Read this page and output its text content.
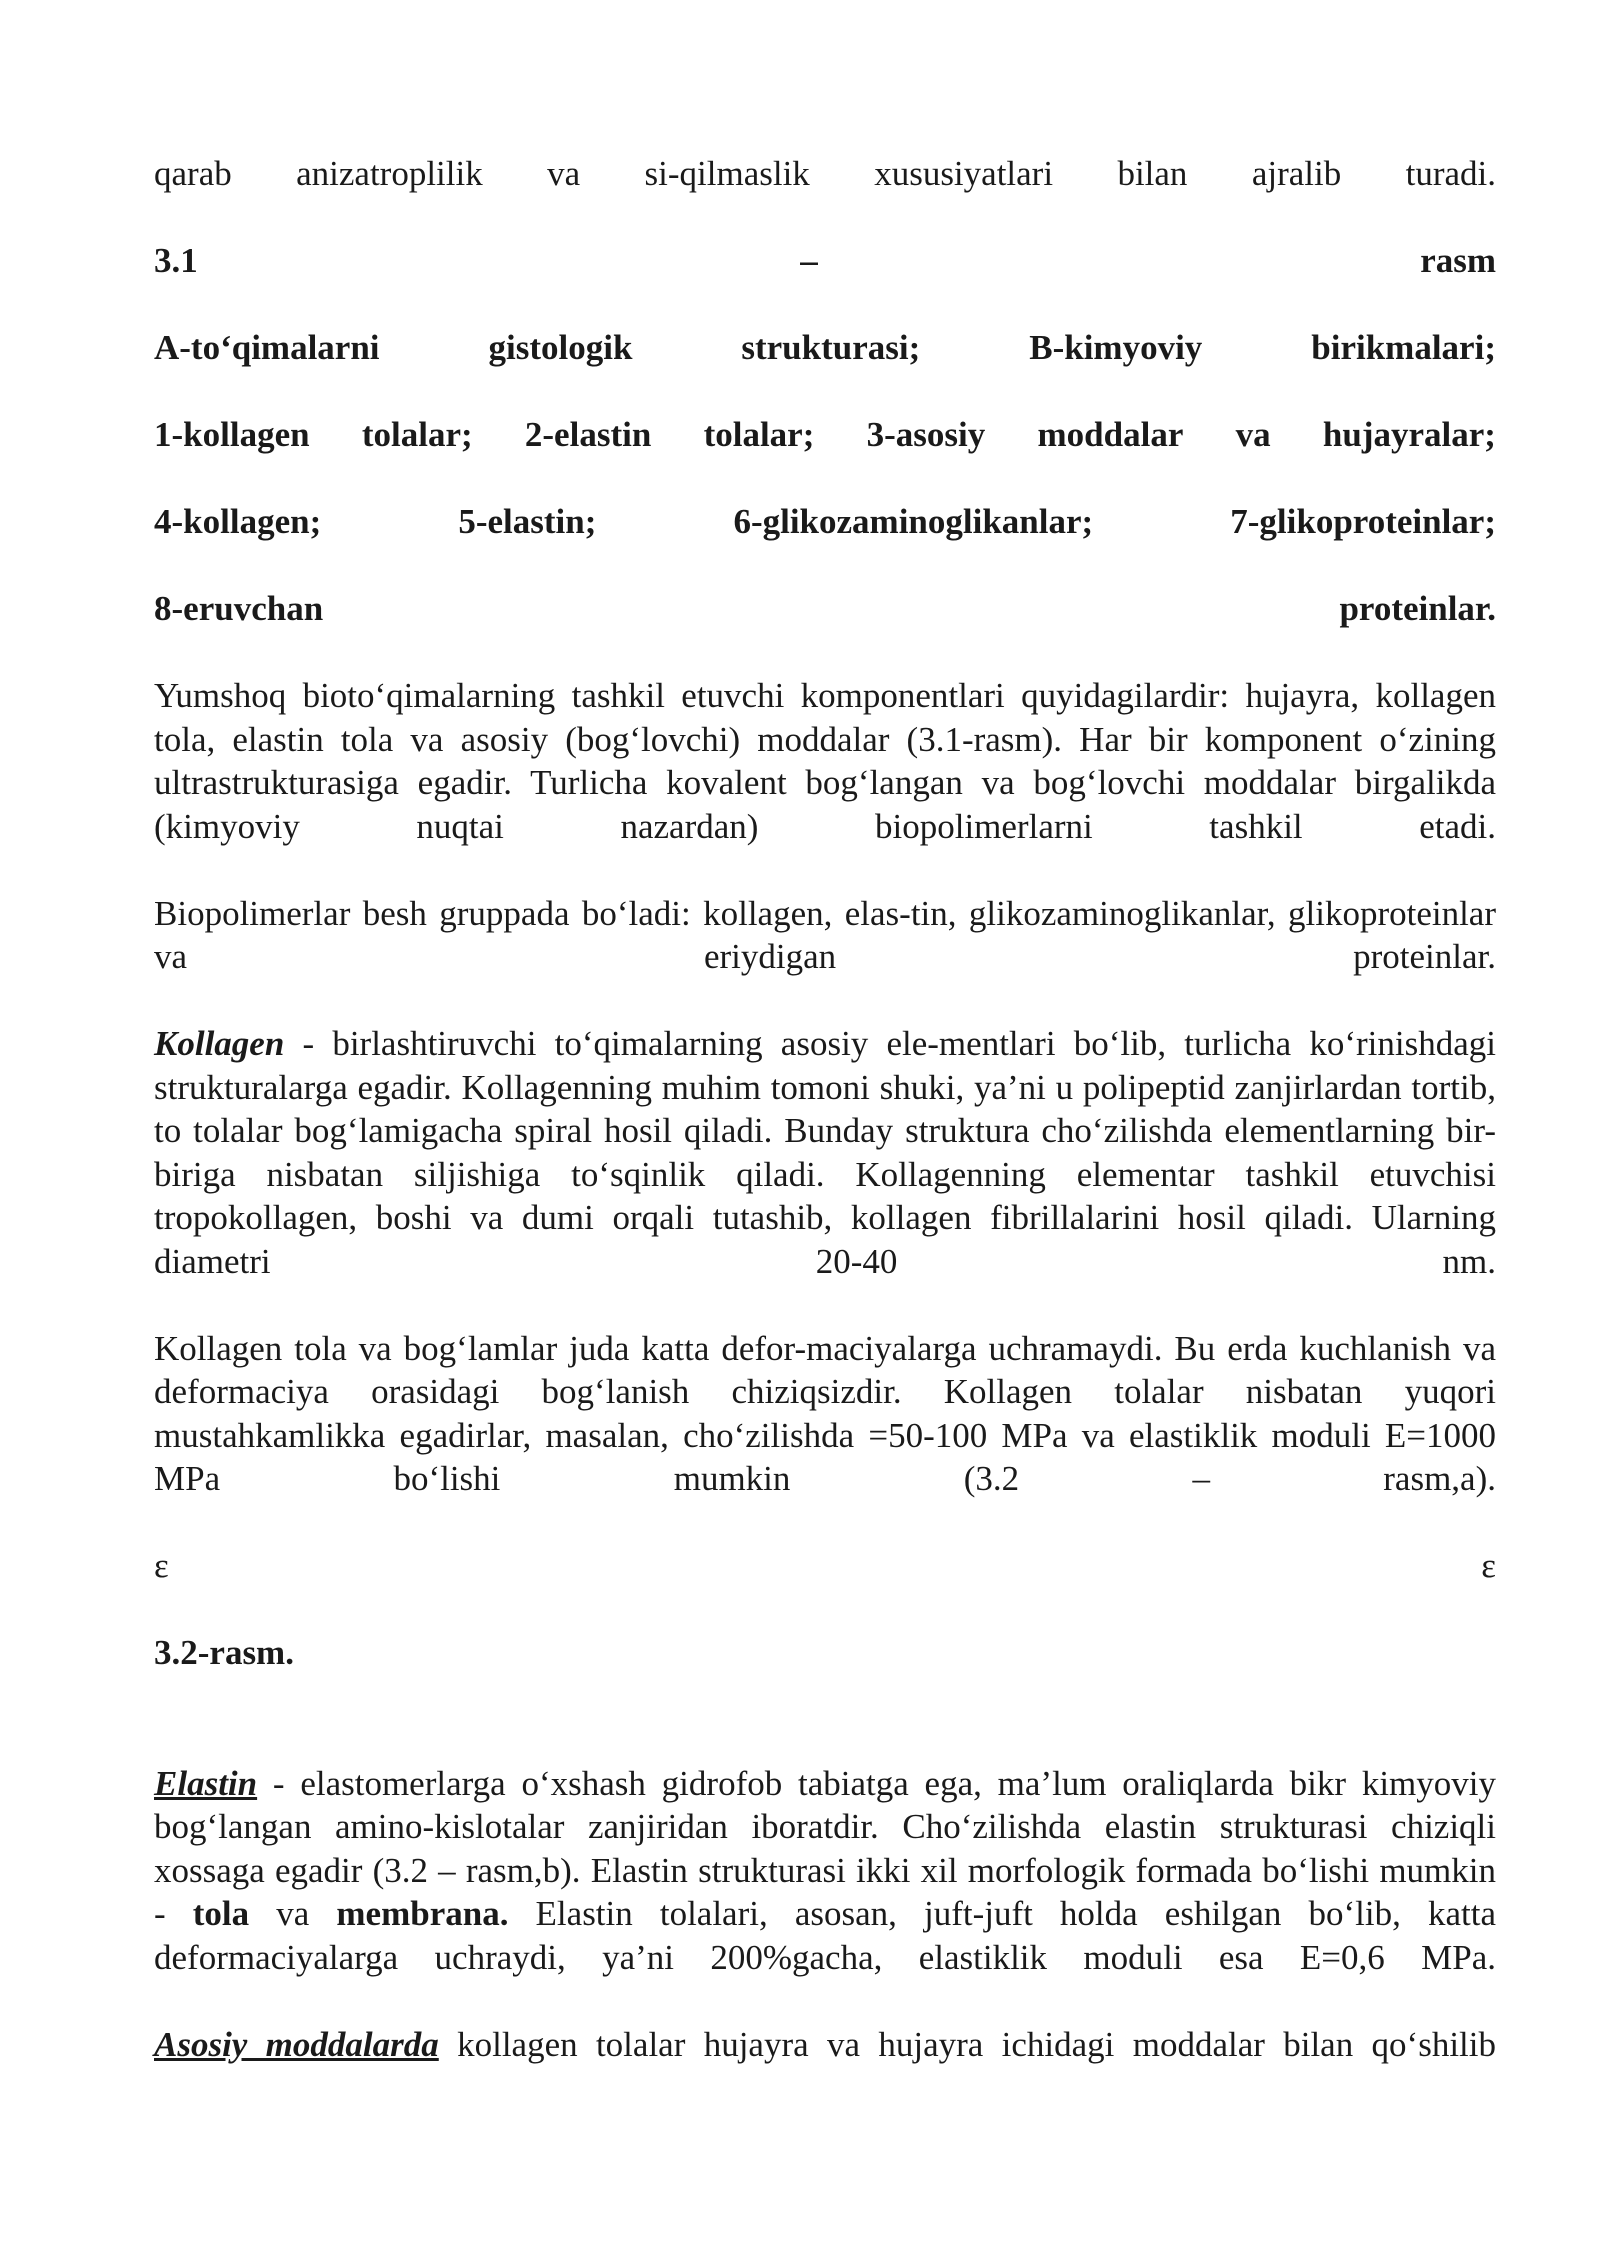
qarab anizatroplilik va si-qilmaslik xususiyatlari bilan ajralib turadi.

3.1	–	rasm
A-to‘qimalarni	gistologik	strukturasi;	B-kimyoviy	birikmalari;
1-kollagen tolalar; 2-elastin tolalar; 3-asosiy moddalar va hujayralar;
4-kollagen;	5-elastin;	6-glikozaminoglikanlar;	7-glikoproteinlar;
8-eruvchan	proteinlar.

Yumshoq bioto‘qimalarning tashkil etuvchi komponentlari quyidagilardir: hujayra, kollagen tola, elastin tola va asosiy (bog‘lovchi) moddalar (3.1-rasm). Har bir komponent o‘zining ultrastrukturasiga egadir. Turlicha kovalent bog‘langan va bog‘lovchi moddalar birgalikda (kimyoviy nuqtai nazardan) biopolimerlarni tashkil etadi.

Biopolimerlar besh gruppada bo‘ladi: kollagen, elas-tin, glikozaminoglikanlar, glikoproteinlar va eriydigan proteinlar.

Kollagen - birlashtiruvchi to‘qimalarning asosiy ele-mentlari bo‘lib, turlicha ko‘rinishdagi strukturalarga egadir. Kollagenning muhim tomoni shuki, ya’ni u polipeptid zanjirlardan tortib, to tolalar bog‘lamigacha spiral hosil qiladi. Bunday struktura cho‘zilishda elementlarning bir-biriga nisbatan siljishiga to‘sqinlik qiladi. Kollagenning elementar tashkil etuvchisi tropokollagen, boshi va dumi orqali tutashib, kollagen fibrillalarini hosil qiladi. Ularning diametri 20-40 nm.

Kollagen tola va bog‘lamlar juda katta defor-maciyalarga uchramaydi. Bu erda kuchlanish va deformaciya orasidagi bog‘lanish chiziqsizdir. Kollagen tolalar nisbatan yuqori mustahkamlikka egadirlar, masalan, cho‘zilishda =50-100 MPa va elastiklik moduli E=1000 MPa bo‘lishi mumkin (3.2 – rasm,a).

ε	ε

3.2-rasm.

Elastin - elastomerlarga o‘xshash gidrofob tabiatga ega, ma’lum oraliqlarda bikr kimyoviy bog‘langan amino-kislotalar zanjiridan iboratdir. Cho‘zilishda elastin strukturasi chiziqli xossaga egadir (3.2 – rasm,b). Elastin strukturasi ikki xil morfologik formada bo‘lishi mumkin - tola va membrana. Elastin tolalari, asosan, juft-juft holda eshilgan bo‘lib, katta deformaciyalarga uchraydi, ya’ni 200%gacha, elastiklik moduli esa E=0,6 MPa.

Asosiy moddalarda kollagen tolalar hujayra va hujayra ichidagi moddalar bilan qo‘shilib
